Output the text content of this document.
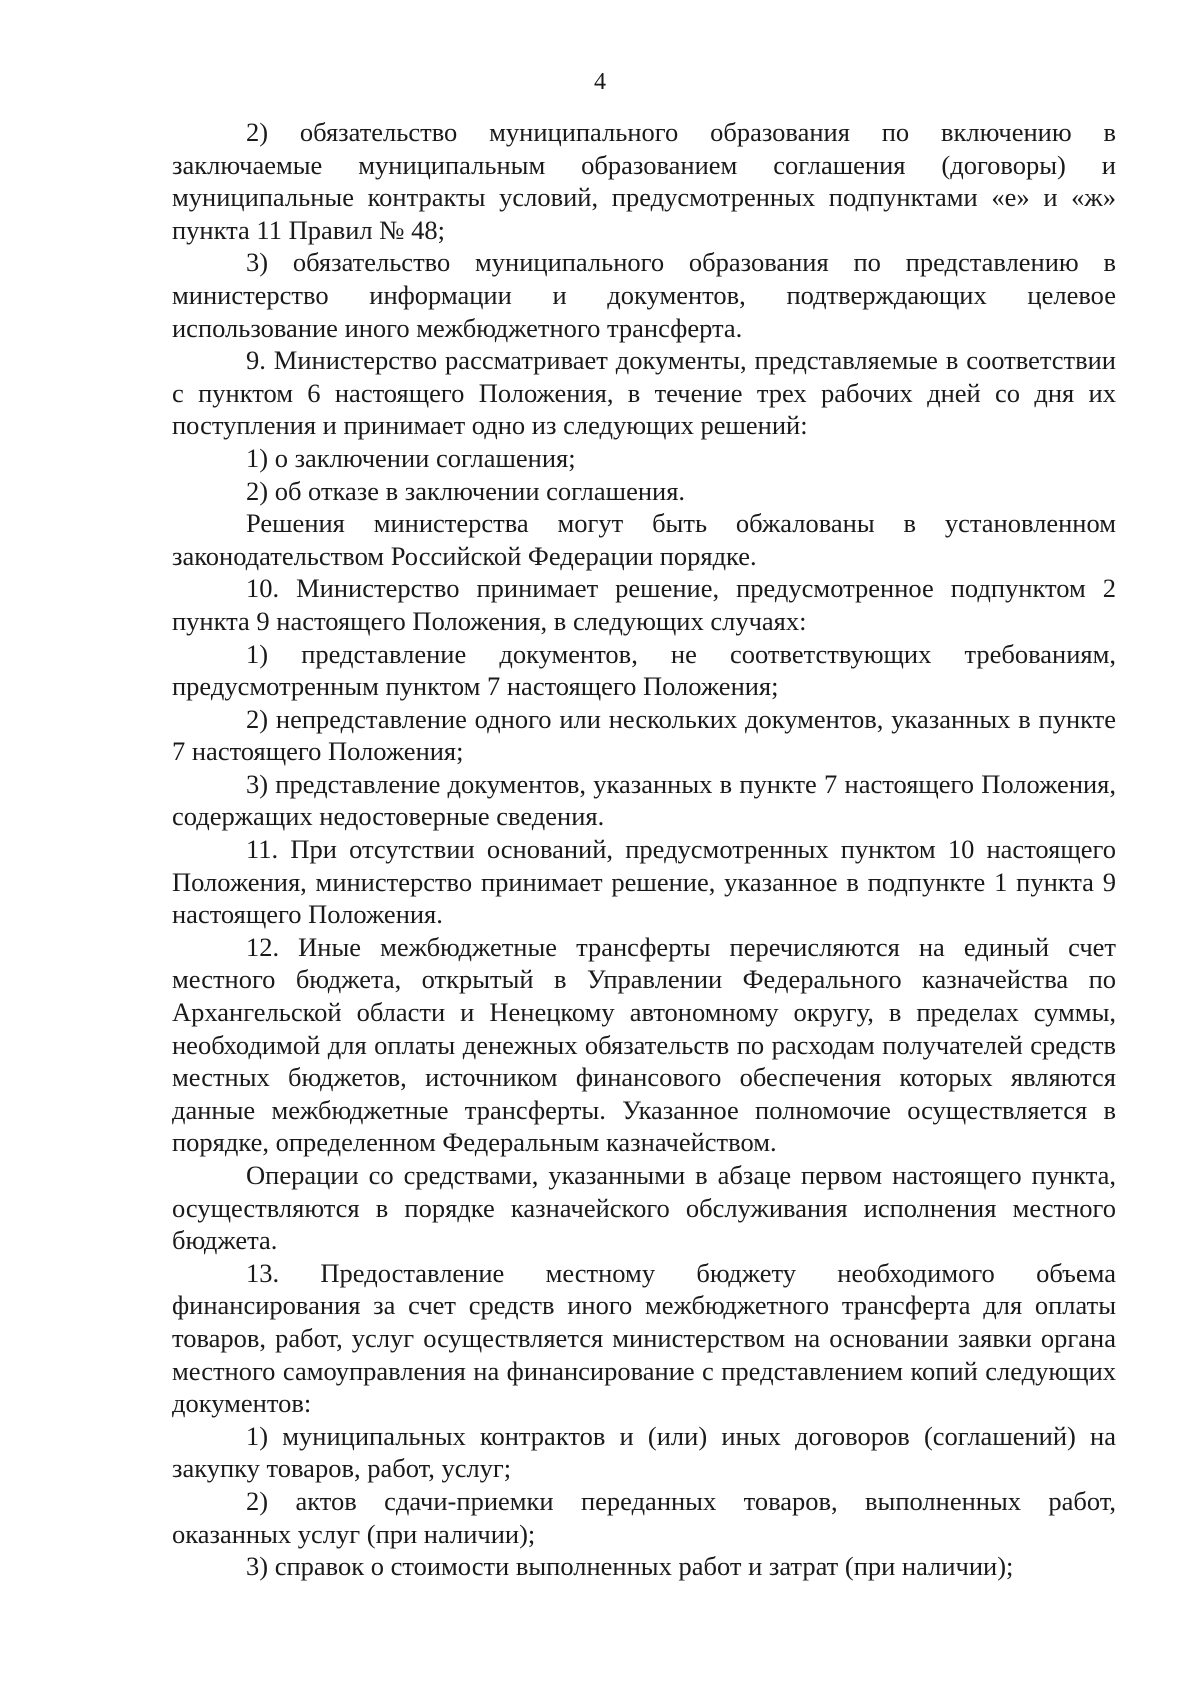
4

2) обязательство муниципального образования по включению в заключаемые муниципальным образованием соглашения (договоры) и муниципальные контракты условий, предусмотренных подпунктами «е» и «ж» пункта 11 Правил № 48;

3) обязательство муниципального образования по представлению в министерство информации и документов, подтверждающих целевое использование иного межбюджетного трансферта.

9. Министерство рассматривает документы, представляемые в соответствии с пунктом 6 настоящего Положения, в течение трех рабочих дней со дня их поступления и принимает одно из следующих решений:

1) о заключении соглашения;

2) об отказе в заключении соглашения.

Решения министерства могут быть обжалованы в установленном законодательством Российской Федерации порядке.

10. Министерство принимает решение, предусмотренное подпунктом 2 пункта 9 настоящего Положения, в следующих случаях:

1) представление документов, не соответствующих требованиям, предусмотренным пунктом 7 настоящего Положения;

2) непредставление одного или нескольких документов, указанных в пункте 7 настоящего Положения;

3) представление документов, указанных в пункте 7 настоящего Положения, содержащих недостоверные сведения.

11. При отсутствии оснований, предусмотренных пунктом 10 настоящего Положения, министерство принимает решение, указанное в подпункте 1 пункта 9 настоящего Положения.

12. Иные межбюджетные трансферты перечисляются на единый счет местного бюджета, открытый в Управлении Федерального казначейства по Архангельской области и Ненецкому автономному округу, в пределах суммы, необходимой для оплаты денежных обязательств по расходам получателей средств местных бюджетов, источником финансового обеспечения которых являются данные межбюджетные трансферты. Указанное полномочие осуществляется в порядке, определенном Федеральным казначейством.

Операции со средствами, указанными в абзаце первом настоящего пункта, осуществляются в порядке казначейского обслуживания исполнения местного бюджета.

13. Предоставление местному бюджету необходимого объема финансирования за счет средств иного межбюджетного трансферта для оплаты товаров, работ, услуг осуществляется министерством на основании заявки органа местного самоуправления на финансирование с представлением копий следующих документов:

1) муниципальных контрактов и (или) иных договоров (соглашений) на закупку товаров, работ, услуг;

2) актов сдачи-приемки переданных товаров, выполненных работ, оказанных услуг (при наличии);

3) справок о стоимости выполненных работ и затрат (при наличии);
